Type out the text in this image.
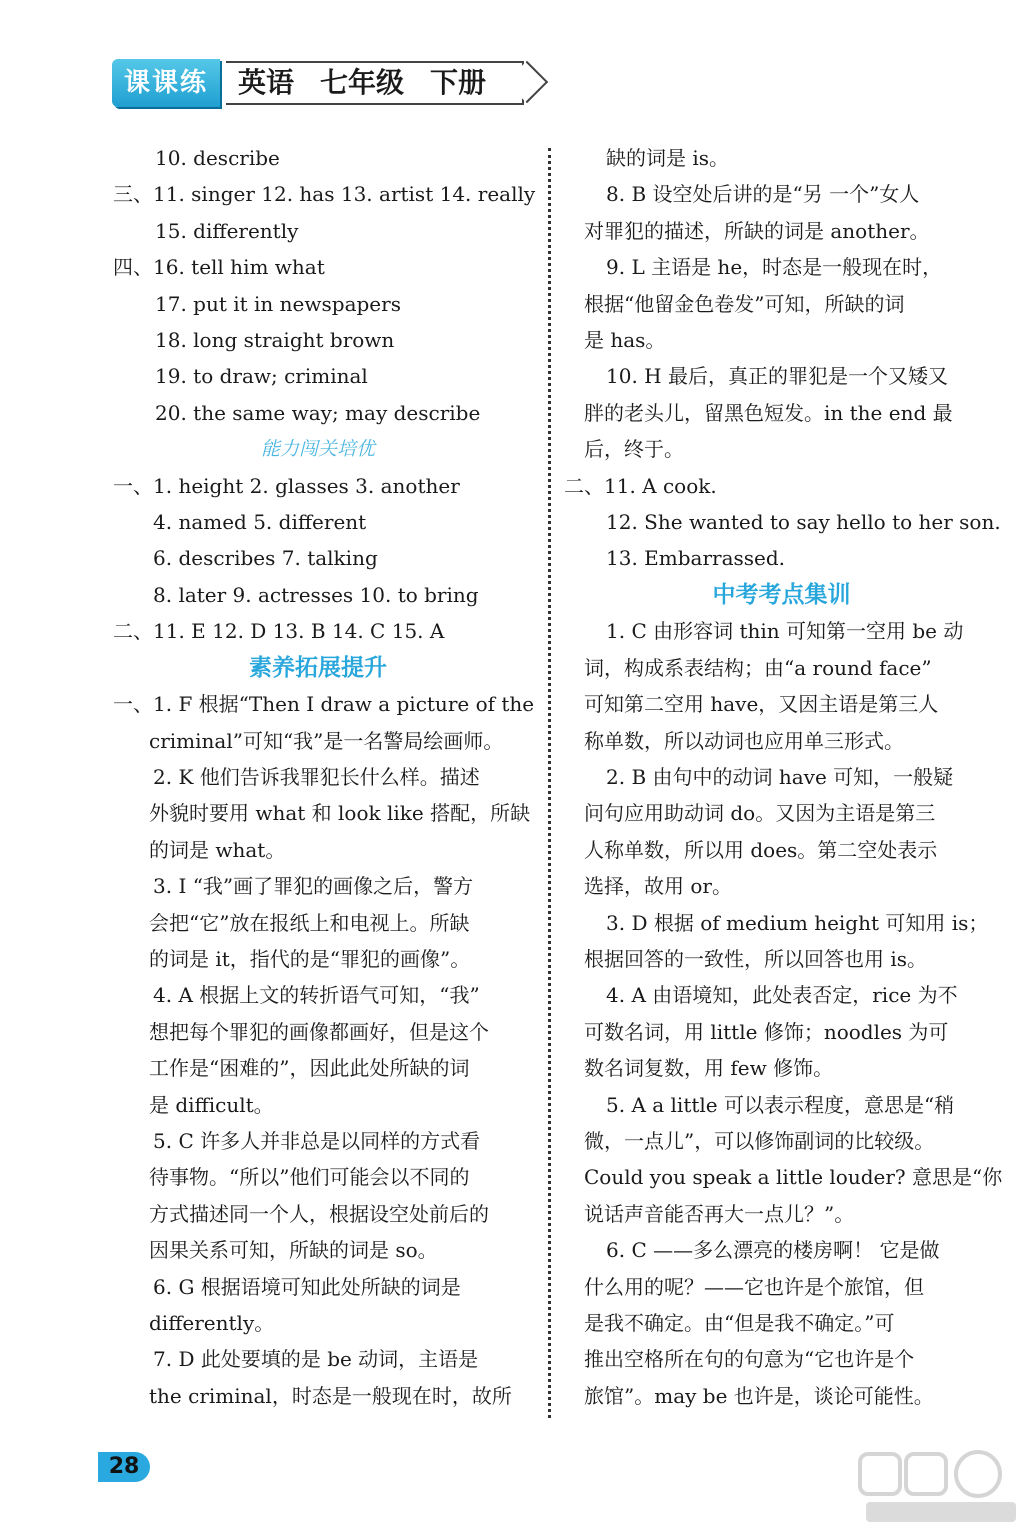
课课练	英语 七年级 下册
10. describe
三、11. singer 12. has 13. artist 14. really
15. differently
四、16. tell him what
17. put it in newspapers
18. long straight brown
19. to draw; criminal
20. the same way; may describe
能力闯关培优
一、1. height 2. glasses 3. another
4. named 5. different
6. describes 7. talking
8. later 9. actresses 10. to bring
二、11. E 12. D 13. B 14. C 15. A
素养拓展提升
一、1. F 根据“Then I draw a picture of the
criminal”可知“我”是一名警局绘画师。
2. K 他们告诉我罪犯长什么样。描述
外貌时要用 what 和 look like 搭配，所缺
的词是 what。
3. I “我”画了罪犯的画像之后，警方
会把“它”放在报纸上和电视上。所缺
的词是 it，指代的是“罪犯的画像”。
4. A 根据上文的转折语气可知，“我”
想把每个罪犯的画像都画好，但是这个
工作是“困难的”，因此此处所缺的词
是 difficult。
5. C 许多人并非总是以同样的方式看
待事物。“所以”他们可能会以不同的
方式描述同一个人，根据设空处前后的
因果关系可知，所缺的词是 so。
6. G 根据语境可知此处所缺的词是
differently。
7. D 此处要填的是 be 动词，主语是
the criminal，时态是一般现在时，故所
缺的词是 is。
8. B 设空处后讲的是“另 一个”女人
对罪犯的描述，所缺的词是 another。
9. L 主语是 he，时态是一般现在时，
根据“他留金色卷发”可知，所缺的词
是 has。
10. H 最后，真正的罪犯是一个又矮又
胖的老头儿，留黑色短发。in the end 最
后，终于。
二、11. A cook.
12. She wanted to say hello to her son.
13. Embarrassed.
中考考点集训
1. C 由形容词 thin 可知第一空用 be 动
词，构成系表结构；由“a round face”
可知第二空用 have，又因主语是第三人
称单数，所以动词也应用单三形式。
2. B 由句中的动词 have 可知，一般疑
问句应用助动词 do。又因为主语是第三
人称单数，所以用 does。第二空处表示
选择，故用 or。
3. D 根据 of medium height 可知用 is；
根据回答的一致性，所以回答也用 is。
4. A 由语境知，此处表否定，rice 为不
可数名词，用 little 修饰；noodles 为可
数名词复数，用 few 修饰。
5. A a little 可以表示程度，意思是“稍
微，一点儿”，可以修饰副词的比较级。
Could you speak a little louder? 意思是“你
说话声音能否再大一点儿？”。
6. C ——多么漂亮的楼房啊！ 它是做
什么用的呢？——它也许是个旅馆，但
是我不确定。由“但是我不确定。”可
推出空格所在句的句意为“它也许是个
旅馆”。may be 也许是，谈论可能性。
28
